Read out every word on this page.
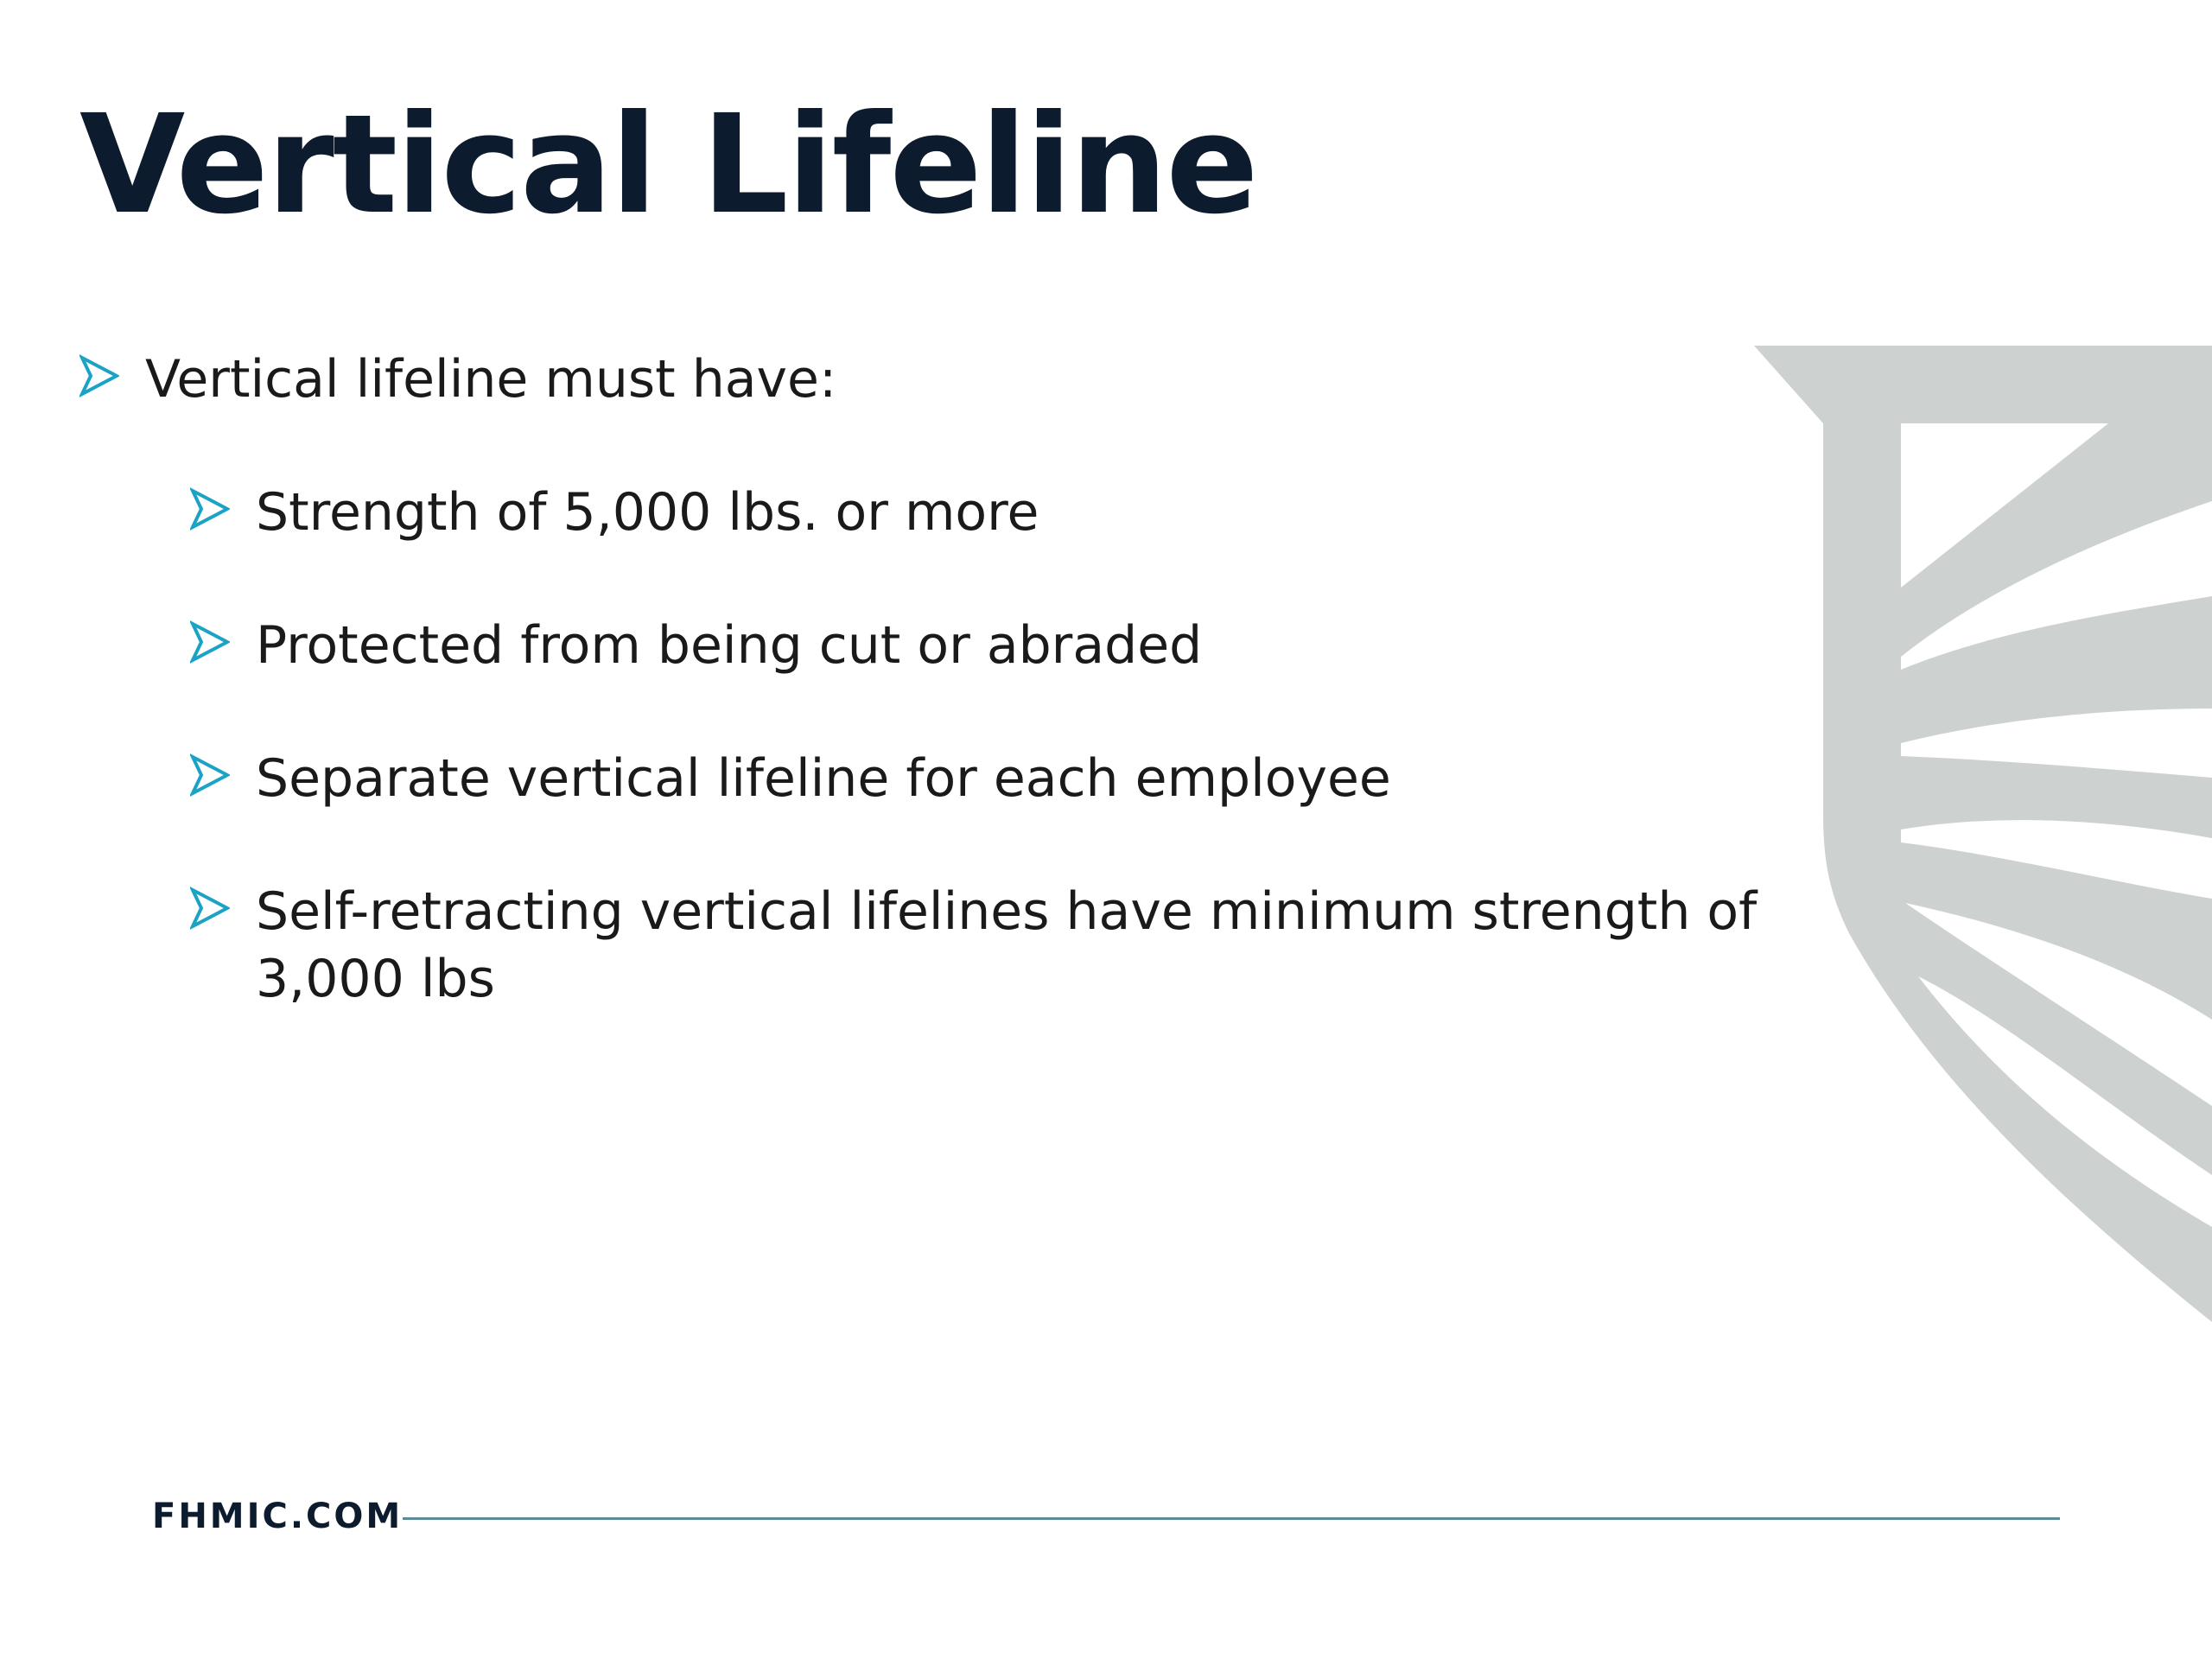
Vertical Lifeline
Vertical lifeline must have:
Strength of 5,000 lbs. or more
Protected from being cut or abraded
Separate vertical lifeline for each employee
Self-retracting vertical lifelines have minimum strength of 3,000 lbs
FHMIC.COM
